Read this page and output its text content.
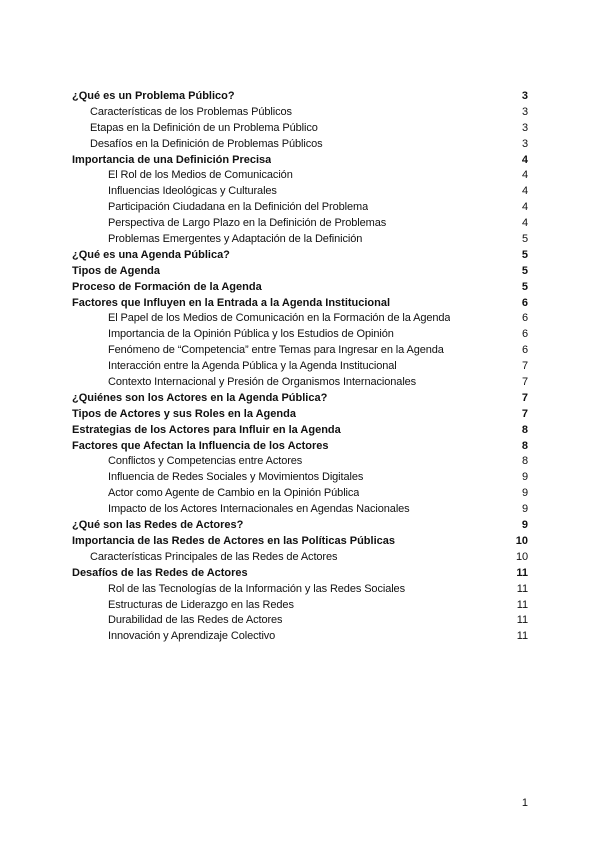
¿Qué es un Problema Público?	3
Características de los Problemas Públicos	3
Etapas en la Definición de un Problema Público	3
Desafíos en la Definición de Problemas Públicos	3
Importancia de una Definición Precisa	4
El Rol de los Medios de Comunicación	4
Influencias Ideológicas y Culturales	4
Participación Ciudadana en la Definición del Problema	4
Perspectiva de Largo Plazo en la Definición de Problemas	4
Problemas Emergentes y Adaptación de la Definición	5
¿Qué es una Agenda Pública?	5
Tipos de Agenda	5
Proceso de Formación de la Agenda	5
Factores que Influyen en la Entrada a la Agenda Institucional	6
El Papel de los Medios de Comunicación en la Formación de la Agenda	6
Importancia de la Opinión Pública y los Estudios de Opinión	6
Fenómeno de “Competencia” entre Temas para Ingresar en la Agenda	6
Interacción entre la Agenda Pública y la Agenda Institucional	7
Contexto Internacional y Presión de Organismos Internacionales	7
¿Quiénes son los Actores en la Agenda Pública?	7
Tipos de Actores y sus Roles en la Agenda	7
Estrategias de los Actores para Influir en la Agenda	8
Factores que Afectan la Influencia de los Actores	8
Conflictos y Competencias entre Actores	8
Influencia de Redes Sociales y Movimientos Digitales	9
Actor como Agente de Cambio en la Opinión Pública	9
Impacto de los Actores Internacionales en Agendas Nacionales	9
¿Qué son las Redes de Actores?	9
Importancia de las Redes de Actores en las Políticas Públicas	10
Características Principales de las Redes de Actores	10
Desafíos de las Redes de Actores	11
Rol de las Tecnologías de la Información y las Redes Sociales	11
Estructuras de Liderazgo en las Redes	11
Durabilidad de las Redes de Actores	11
Innovación y Aprendizaje Colectivo	11
1
